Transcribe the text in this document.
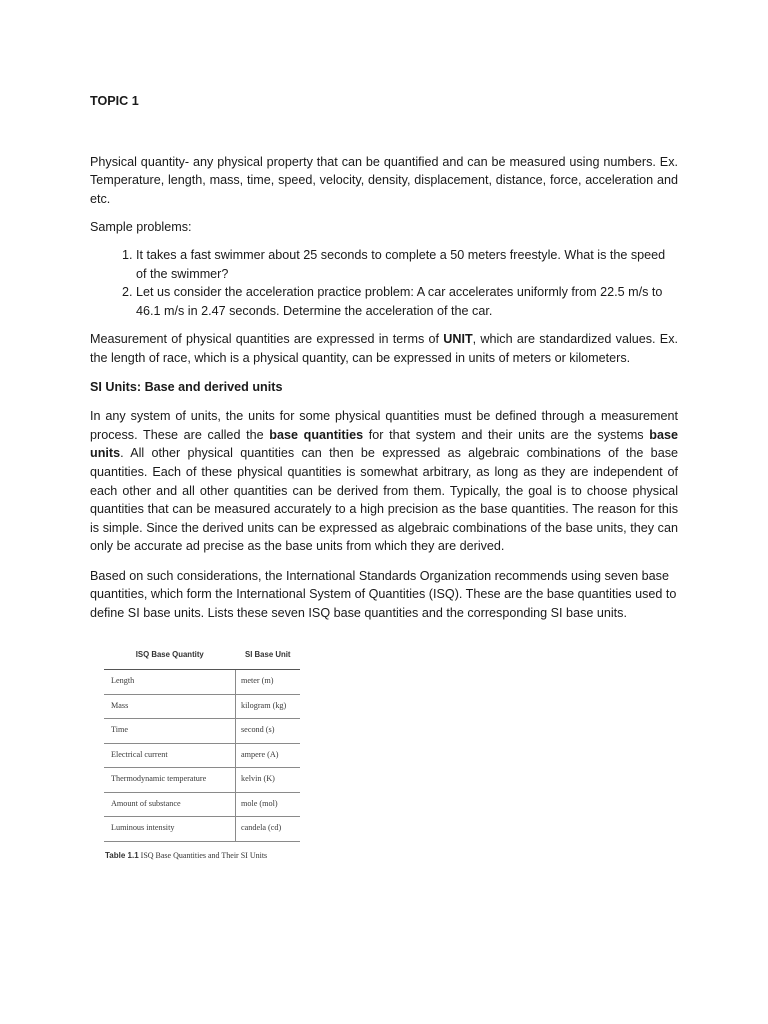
TOPIC 1

Physical quantity- any physical property that can be quantified and can be measured using numbers. Ex. Temperature, length, mass, time, speed, velocity, density, displacement, distance, force, acceleration and etc.

Sample problems:

1. It takes a fast swimmer about 25 seconds to complete a 50 meters freestyle. What is the speed of the swimmer?
2. Let us consider the acceleration practice problem: A car accelerates uniformly from 22.5 m/s to 46.1 m/s in 2.47 seconds. Determine the acceleration of the car.

Measurement of physical quantities are expressed in terms of UNIT, which are standardized values. Ex. the length of race, which is a physical quantity, can be expressed in units of meters or kilometers.

SI Units: Base and derived units

In any system of units, the units for some physical quantities must be defined through a measurement process. These are called the base quantities for that system and their units are the systems base units. All other physical quantities can then be expressed as algebraic combinations of the base quantities. Each of these physical quantities is somewhat arbitrary, as long as they are independent of each other and all other quantities can be derived from them. Typically, the goal is to choose physical quantities that can be measured accurately to a high precision as the base quantities. The reason for this is simple. Since the derived units can be expressed as algebraic combinations of the base units, they can only be accurate ad precise as the base units from which they are derived.

Based on such considerations, the International Standards Organization recommends using seven base quantities, which form the International System of Quantities (ISQ). These are the base quantities used to define SI base units. Lists these seven ISQ base quantities and the corresponding SI base units.

ISQ Base Quantity	SI Base Unit
Length	meter (m)
Mass	kilogram (kg)
Time	second (s)
Electrical current	ampere (A)
Thermodynamic temperature	kelvin (K)
Amount of substance	mole (mol)
Luminous intensity	candela (cd)
Table 1.1 ISQ Base Quantities and Their SI Units
